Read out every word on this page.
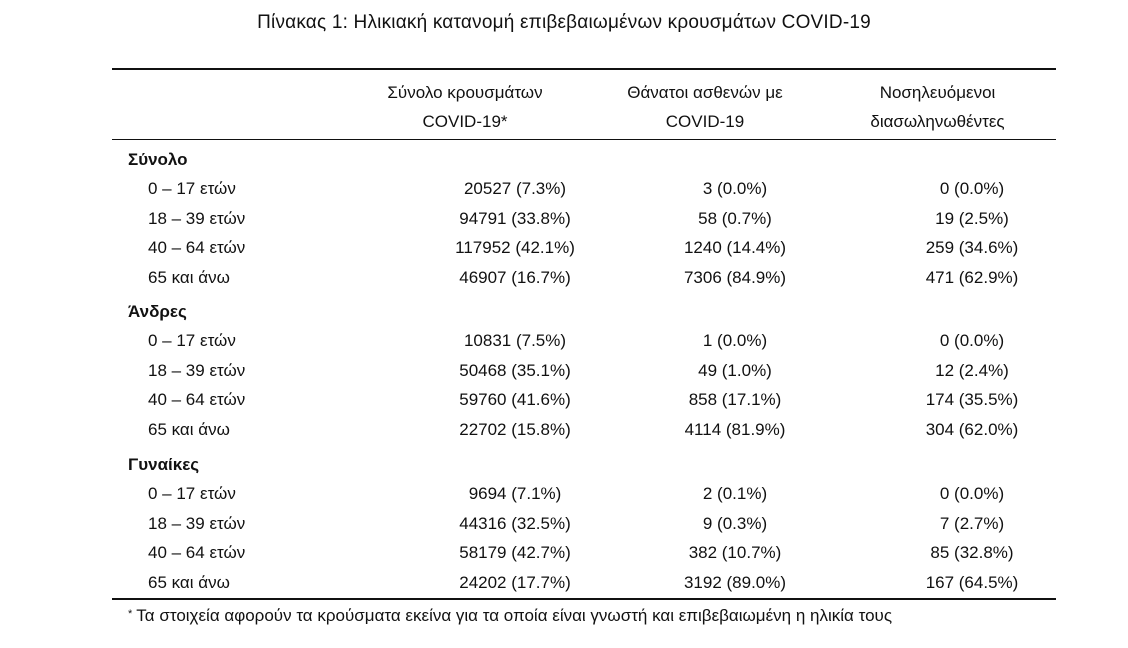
Πίνακας 1: Ηλικιακή κατανομή επιβεβαιωμένων κρουσμάτων COVID-19
Σύνολο κρουσμάτων
COVID-19*
Θάνατοι ασθενών με
COVID-19
Νοσηλευόμενοι
διασωληνωθέντες
Σύνολο
0 – 17 ετών	20527 (7.3%)	3 (0.0%)	0 (0.0%)
18 – 39 ετών	94791 (33.8%)	58 (0.7%)	19 (2.5%)
40 – 64 ετών	117952 (42.1%)	1240 (14.4%)	259 (34.6%)
65 και άνω	46907 (16.7%)	7306 (84.9%)	471 (62.9%)
Άνδρες
0 – 17 ετών	10831 (7.5%)	1 (0.0%)	0 (0.0%)
18 – 39 ετών	50468 (35.1%)	49 (1.0%)	12 (2.4%)
40 – 64 ετών	59760 (41.6%)	858 (17.1%)	174 (35.5%)
65 και άνω	22702 (15.8%)	4114 (81.9%)	304 (62.0%)
Γυναίκες
0 – 17 ετών	9694 (7.1%)	2 (0.1%)	0 (0.0%)
18 – 39 ετών	44316 (32.5%)	9 (0.3%)	7 (2.7%)
40 – 64 ετών	58179 (42.7%)	382 (10.7%)	85 (32.8%)
65 και άνω	24202 (17.7%)	3192 (89.0%)	167 (64.5%)
* Τα στοιχεία αφορούν τα κρούσματα εκείνα για τα οποία είναι γνωστή και επιβεβαιωμένη η ηλικία τους
